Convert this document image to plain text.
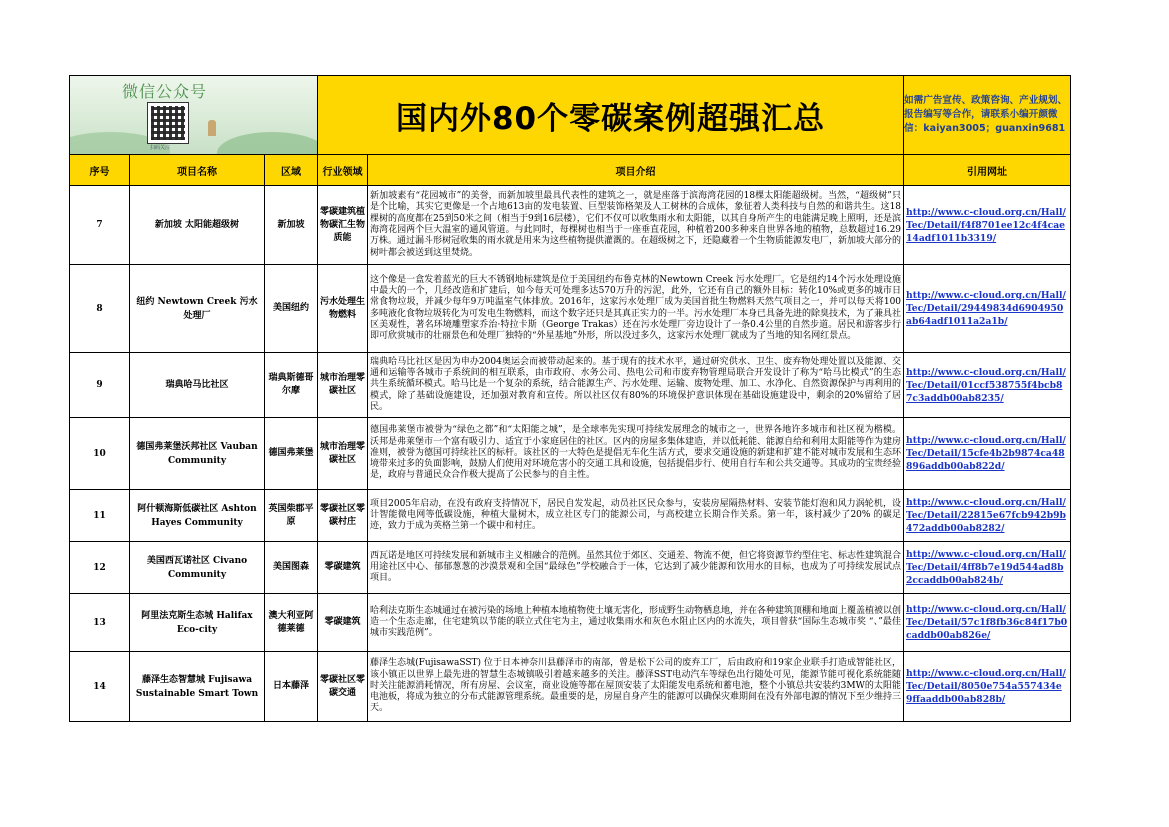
微信公众号
扫码关注			国内外80个零碳案例超强汇总		如需广告宣传、政策咨询、产业规划、报告编写等合作，请联系小编开颜微信：kaiyan3005；guanxin9681
序号	项目名称	区域	行业领域	项目介绍	引用网址
7	新加坡 太阳能超级树	新加坡	零碳建筑植物碳汇生物质能	新加坡素有“花园城市”的美誉，而新加坡里最具代表性的建筑之一，就是座落于滨海湾花园的18棵太阳能超级树。当然，“超级树”只是个比喻，其实它更像是一个占地613亩的发电装置、巨型装饰格架及人工树林的合成体，象征着人类科技与自然的和谐共生。这18棵树的高度都在25到50米之间（相当于9到16层楼），它们不仅可以收集雨水和太阳能，以其自身所产生的电能满足晚上照明，还是滨海湾花园两个巨大温室的通风管道。与此同时，每棵树也相当于一座垂直花园，种植着200多种来自世界各地的植物，总数超过16.29万株。通过漏斗形树冠收集的雨水就是用来为这些植物提供灌溉的。在超级树之下，还隐藏着一个生物质能源发电厂，新加坡大部分的树叶都会被送到这里焚烧。	http://www.c-cloud.org.cn/Hall/Tec/Detail/f4f8701ee12c4f4cae14adf1011b3319/
8	纽约 Newtown Creek 污水处理厂	美国纽约	污水处理生物燃料	这个像是一盒发着蓝光的巨大不锈钢地标建筑是位于美国纽约布鲁克林的Newtown Creek 污水处理厂。它是纽约14个污水处理设施中最大的一个，几经改造和扩建后，如今每天可处理多达570万升的污泥，此外，它还有自己的额外目标：转化10%或更多的城市日常食物垃圾，并减少每年9万吨温室气体排放。2016年，这家污水处理厂成为美国首批生物燃料天然气项目之一，并可以每天将100多吨液化食物垃圾转化为可发电生物燃料，而这个数字还只是其真正实力的一半。污水处理厂本身已具备先进的除臭技术，为了兼具社区美观性，著名环境雕塑家乔治·特拉卡斯（George Trakas）还在污水处理厂旁边设计了一条0.4公里的自然步道。居民和游客步行即可欣赏城市的壮丽景色和处理厂独特的“外星基地”外形，所以没过多久，这家污水处理厂就成为了当地的知名网红景点。	http://www.c-cloud.org.cn/Hall/Tec/Detail/29449834d6904950ab64adf1011a2a1b/
9	瑞典哈马比社区	瑞典斯德哥尔摩	城市治理零碳社区	瑞典哈马比社区是因为申办2004奥运会而被带动起来的。基于现有的技术水平，通过研究供水、卫生、废弃物处理处置以及能源、交通和运输等各城市子系统间的相互联系，由市政府、水务公司、热电公司和市废弃物管理局联合开发设计了称为“哈马比模式”的生态共生系统循环模式。哈马比是一个复杂的系统，结合能源生产、污水处理、运输、废物处理、加工、水净化、自然资源保护与再利用的模式，除了基础设施建设，还加强对教育和宣传。所以社区仅有80%的环境保护意识体现在基础设施建设中，剩余的20%留给了居民。	http://www.c-cloud.org.cn/Hall/Tec/Detail/01ccf538755f4bcb87c3addb00ab8235/
10	德国弗莱堡沃邦社区 Vauban Community	德国弗莱堡	城市治理零碳社区	德国弗莱堡市被誉为“绿色之都”和“太阳能之城”，是全球率先实现可持续发展理念的城市之一，世界各地许多城市和社区视为楷模。沃邦是弗莱堡市一个富有吸引力、适宜于小家庭居住的社区。区内的房屋多集体建造，并以低耗能、能源自给和利用太阳能等作为建房准则，被誉为德国可持续社区的标杆。该社区的一大特色是提倡无车化生活方式，要求交通设施的新建和扩建不能对城市发展和生态环境带来过多的负面影响，鼓励人们使用对环境危害小的交通工具和设施，包括提倡步行、使用自行车和公共交通等。其成功的宝贵经验是，政府与普通民众合作极大提高了公民参与的自主性。	http://www.c-cloud.org.cn/Hall/Tec/Detail/15cfe4b2b9874ca48896addb00ab822d/
11	阿什顿海斯低碳社区 Ashton Hayes Community	英国柴郡平原	零碳社区零碳村庄	项目2005年启动，在没有政府支持情况下，居民自发发起，动员社区民众参与，安装房屋隔热材料、安装节能灯泡和风力涡轮机，设计智能微电网等低碳设施，种植大量树木，成立社区专门的能源公司，与高校建立长期合作关系。第一年，该村减少了20% 的碳足迹，致力于成为英格兰第一个碳中和村庄。	http://www.c-cloud.org.cn/Hall/Tec/Detail/22815e67fcb942b9b472addb00ab8282/
12	美国西瓦诺社区 Civano Community	美国图森	零碳建筑	西瓦诺是地区可持续发展和新城市主义相融合的范例。虽然其位于郊区、交通差、物流不便，但它将资源节约型住宅、标志性建筑混合用途社区中心、郁郁葱葱的沙漠景观和全国“最绿色”学校融合于一体，它达到了减少能源和饮用水的目标，也成为了可持续发展试点项目。	http://www.c-cloud.org.cn/Hall/Tec/Detail/4ff8b7e19d544ad8b2ccaddb00ab824b/
13	阿里法克斯生态城 Halifax Eco-city	澳大利亚阿德莱德	零碳建筑	哈利法克斯生态城通过在被污染的场地上种植本地植物使土壤无害化，形成野生动物栖息地，并在各种建筑顶棚和地面上覆盖植被以创造一个生态走廊，住宅建筑以节能的联立式住宅为主，通过收集雨水和灰色水阻止区内的水流失，项目曾获“国际生态城市奖 “、”最佳城市实践范例”。	http://www.c-cloud.org.cn/Hall/Tec/Detail/57c1f8fb36c84f17b0caddb00ab826e/
14	藤泽生态智慧城 Fujisawa Sustainable Smart Town	日本藤泽	零碳社区零碳交通	藤泽生态城(FujisawaSST) 位于日本神奈川县藤泽市的南部，曾是松下公司的废弃工厂，后由政府和19家企业联手打造成智能社区，该小镇正以世界上最先进的智慧生态城镇吸引着越来越多的关注。藤泽SST电动汽车等绿色出行随处可见，能源节能可视化系统能随时关注能源消耗情况，所有房屋、会议室，商业设施等都在屋顶安装了太阳能发电系统和蓄电池，整个小镇总共安装约3MW的太阳能电池板，将成为独立的分布式能源管理系统。最重要的是，房屋自身产生的能源可以确保灾难期间在没有外部电源的情况下至少维持三天。	http://www.c-cloud.org.cn/Hall/Tec/Detail/8050e754a557434e9ffaaddb00ab828b/
